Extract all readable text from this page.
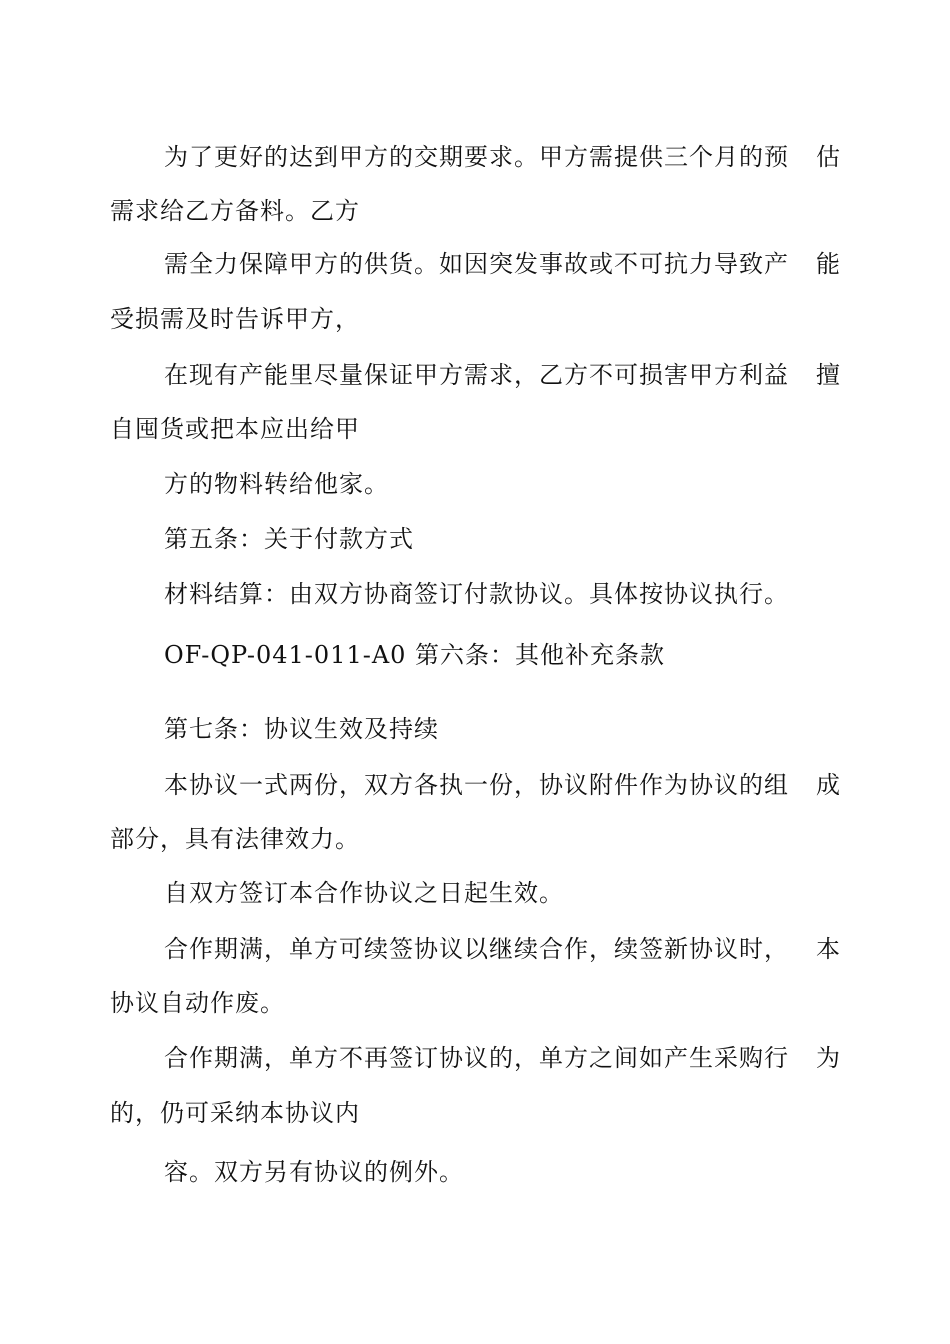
为了更好的达到甲方的交期要求。甲方需提供三个月的预 估
需求给乙方备料。乙方
需全力保障甲方的供货。如因突发事故或不可抗力导致产 能
受损需及时告诉甲方，
在现有产能里尽量保证甲方需求，乙方不可损害甲方利益 擅
自囤货或把本应出给甲
方的物料转给他家。
第五条：关于付款方式
材料结算：由双方协商签订付款协议。具体按协议执行。
OF-QP-041-011-A0 第六条：其他补充条款
第七条：协议生效及持续
本协议一式两份，双方各执一份，协议附件作为协议的组 成
部分，具有法律效力。
自双方签订本合作协议之日起生效。
合作期满，单方可续签协议以继续合作，续签新协议时， 本
协议自动作废。
合作期满，单方不再签订协议的，单方之间如产生采购行 为
的，仍可采纳本协议内
容。双方另有协议的例外。
